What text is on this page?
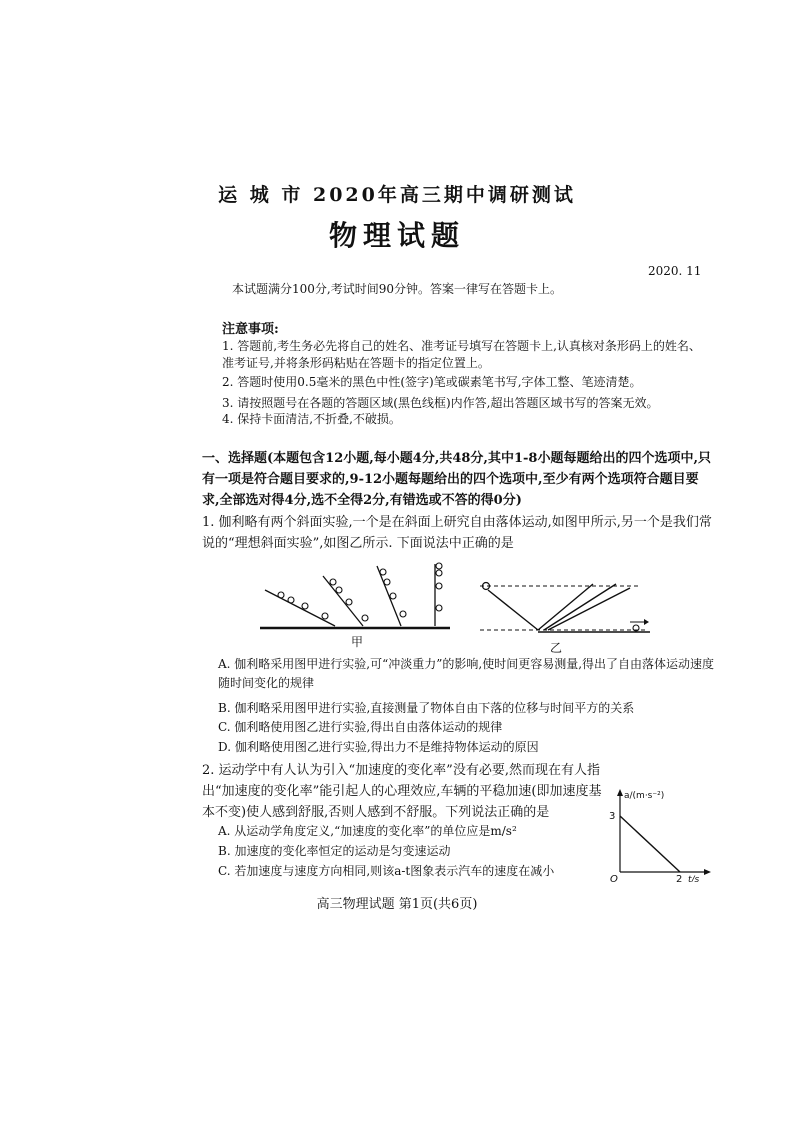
运 城 市 2020年高三期中调研测试
物理试题
2020. 11
本试题满分100分,考试时间90分钟。答案一律写在答题卡上。
注意事项:
1. 答题前,考生务必先将自己的姓名、准考证号填写在答题卡上,认真核对条形码上的姓名、准考证号,并将条形码粘贴在答题卡的指定位置上。
2. 答题时使用0.5毫米的黑色中性(签字)笔或碳素笔书写,字体工整、笔迹清楚。
3. 请按照题号在各题的答题区域(黑色线框)内作答,超出答题区域书写的答案无效。
4. 保持卡面清洁,不折叠,不破损。
一、选择题(本题包含12小题,每小题4分,共48分,其中1-8小题每题给出的四个选项中,只有一项是符合题目要求的,9-12小题每题给出的四个选项中,至少有两个选项符合题目要求,全部选对得4分,选不全得2分,有错选或不答的得0分)
1. 伽利略有两个斜面实验,一个是在斜面上研究自由落体运动,如图甲所示,另一个是我们常说的“理想斜面实验”,如图乙所示. 下面说法中正确的是
甲	乙
A. 伽利略采用图甲进行实验,可“冲淡重力”的影响,使时间更容易测量,得出了自由落体运动速度随时间变化的规律
B. 伽利略采用图甲进行实验,直接测量了物体自由下落的位移与时间平方的关系
C. 伽利略使用图乙进行实验,得出自由落体运动的规律
D. 伽利略使用图乙进行实验,得出力不是维持物体运动的原因
2. 运动学中有人认为引入“加速度的变化率”没有必要,然而现在有人指出“加速度的变化率”能引起人的心理效应,车辆的平稳加速(即加速度基本不变)使人感到舒服,否则人感到不舒服。下列说法正确的是
a/(m·s⁻²)
3
O	2 t/s
A. 从运动学角度定义,“加速度的变化率”的单位应是m/s²
B. 加速度的变化率恒定的运动是匀变速运动
C. 若加速度与速度方向相同,则该a-t图象表示汽车的速度在减小
高三物理试题 第1页(共6页)
